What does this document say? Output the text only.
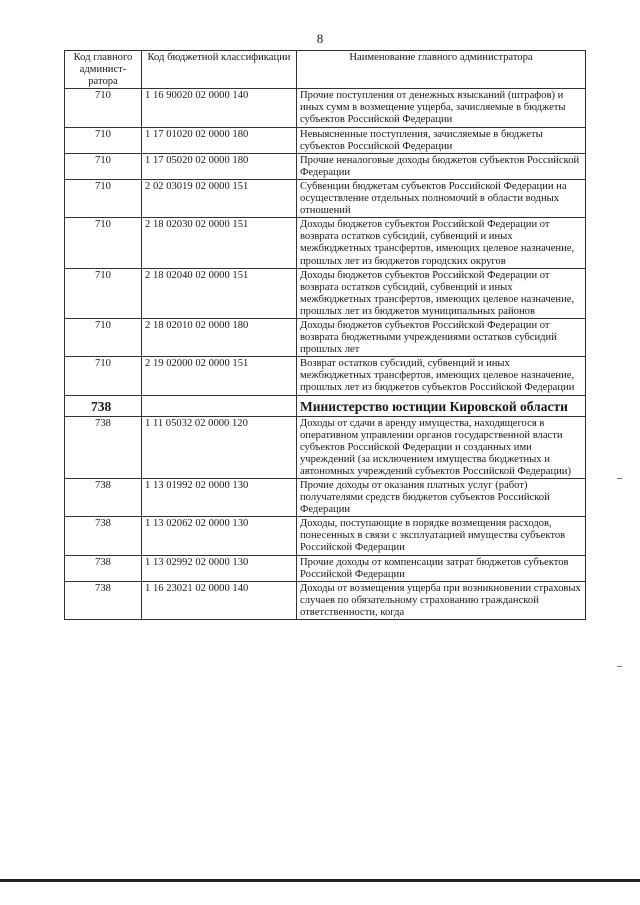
8
Код главного админист-ратора	Код бюджетной классификации	Наименование главного администратора
710	1 16 90020 02 0000 140	Прочие поступления от денежных взысканий (штрафов) и иных сумм в возмещение ущерба, зачисляемые в бюджеты субъектов Российской Федерации
710	1 17 01020 02 0000 180	Невыясненные поступления, зачисляемые в бюджеты субъектов Российской Федерации
710	1 17 05020 02 0000 180	Прочие неналоговые доходы бюджетов субъектов Российской Федерации
710	2 02 03019 02 0000 151	Субвенции бюджетам субъектов Российской Федерации на осуществление отдельных полномочий в области водных отношений
710	2 18 02030 02 0000 151	Доходы бюджетов субъектов Российской Федерации от возврата остатков субсидий, субвенций и иных межбюджетных трансфертов, имеющих целевое назначение, прошлых лет из бюджетов городских округов
710	2 18 02040 02 0000 151	Доходы бюджетов субъектов Российской Федерации от возврата остатков субсидий, субвенций и иных межбюджетных трансфертов, имеющих целевое назначение, прошлых лет из бюджетов муниципальных районов
710	2 18 02010 02 0000 180	Доходы бюджетов субъектов Российской Федерации от возврата бюджетными учреждениями остатков субсидий прошлых лет
710	2 19 02000 02 0000 151	Возврат остатков субсидий, субвенций и иных межбюджетных трансфертов, имеющих целевое назначение, прошлых лет из бюджетов субъектов Российской Федерации
738		Министерство юстиции Кировской области
738	1 11 05032 02 0000 120	Доходы от сдачи в аренду имущества, находящегося в оперативном управлении органов государственной власти субъектов Российской Федерации и созданных ими учреждений (за исключением имущества бюджетных и автономных учреждений субъектов Российской Федерации)
738	1 13 01992 02 0000 130	Прочие доходы от оказания платных услуг (работ) получателями средств бюджетов субъектов Российской Федерации
738	1 13 02062 02 0000 130	Доходы, поступающие в порядке возмещения расходов, понесенных в связи с эксплуатацией имущества субъектов Российской Федерации
738	1 13 02992 02 0000 130	Прочие доходы от компенсации затрат бюджетов субъектов Российской Федерации
738	1 16 23021 02 0000 140	Доходы от возмещения ущерба при возникновении страховых случаев по обязательному страхованию гражданской ответственности, когда
